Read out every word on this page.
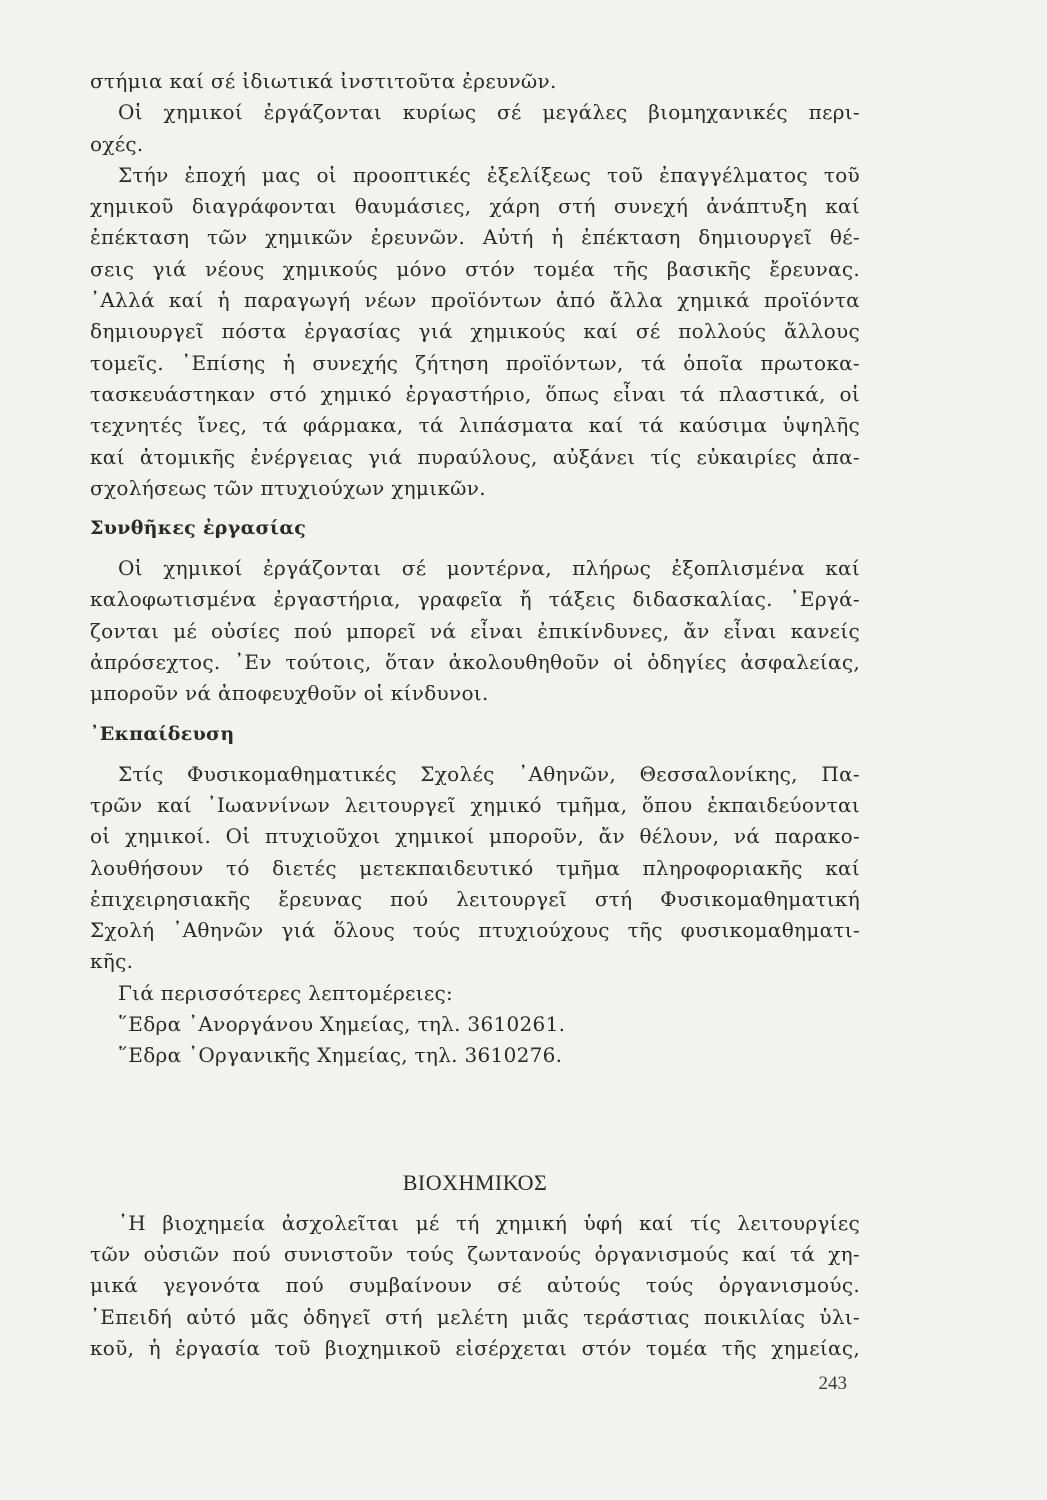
στήμια καί σέ ἰδιωτικά ἰνστιτοῦτα ἐρευνῶν.
Οἱ χημικοί ἐργάζονται κυρίως σέ μεγάλες βιομηχανικές περι-
οχές.
Στήν ἐποχή μας οἱ προοπτικές ἐξελίξεως τοῦ ἐπαγγέλματος τοῦ
χημικοῦ διαγράφονται θαυμάσιες, χάρη στή συνεχή ἀνάπτυξη καί
ἐπέκταση τῶν χημικῶν ἐρευνῶν. Αὐτή ἡ ἐπέκταση δημιουργεῖ θέ-
σεις γιά νέους χημικούς μόνο στόν τομέα τῆς βασικῆς ἔρευνας.
᾿Αλλά καί ἡ παραγωγή νέων προϊόντων ἀπό ἄλλα χημικά προϊόντα
δημιουργεῖ πόστα ἐργασίας γιά χημικούς καί σέ πολλούς ἄλλους
τομεῖς. ᾿Επίσης ἡ συνεχής ζήτηση προϊόντων, τά ὁποῖα πρωτοκα-
τασκευάστηκαν στό χημικό ἐργαστήριο, ὅπως εἶναι τά πλαστικά, οἱ
τεχνητές ἴνες, τά φάρμακα, τά λιπάσματα καί τά καύσιμα ὑψηλῆς
καί ἀτομικῆς ἐνέργειας γιά πυραύλους, αὐξάνει τίς εὐκαιρίες ἀπα-
σχολήσεως τῶν πτυχιούχων χημικῶν.
Συνθῆκες ἐργασίας
Οἱ χημικοί ἐργάζονται σέ μοντέρνα, πλήρως ἐξοπλισμένα καί
καλοφωτισμένα ἐργαστήρια, γραφεῖα ἤ τάξεις διδασκαλίας. ᾿Εργά-
ζονται μέ οὐσίες πού μπορεῖ νά εἶναι ἐπικίνδυνες, ἄν εἶναι κανείς
ἀπρόσεχτος. ᾿Εν τούτοις, ὅταν ἀκολουθηθοῦν οἱ ὁδηγίες ἀσφαλείας,
μποροῦν νά ἀποφευχθοῦν οἱ κίνδυνοι.
᾿Εκπαίδευση
Στίς Φυσικομαθηματικές Σχολές ᾿Αθηνῶν, Θεσσαλονίκης, Πα-
τρῶν καί ᾿Ιωαννίνων λειτουργεῖ χημικό τμῆμα, ὅπου ἐκπαιδεύονται
οἱ χημικοί. Οἱ πτυχιοῦχοι χημικοί μποροῦν, ἄν θέλουν, νά παρακο-
λουθήσουν τό διετές μετεκπαιδευτικό τμῆμα πληροφοριακῆς καί
ἐπιχειρησιακῆς ἔρευνας πού λειτουργεῖ στή Φυσικομαθηματική
Σχολή ᾿Αθηνῶν γιά ὅλους τούς πτυχιούχους τῆς φυσικομαθηματι-
κῆς.
Γιά περισσότερες λεπτομέρειες:
῞Εδρα ᾿Ανοργάνου Χημείας, τηλ. 3610261.
῞Εδρα ᾿Οργανικῆς Χημείας, τηλ. 3610276.
ΒΙΟΧΗΜΙΚΟΣ
῾Η βιοχημεία ἀσχολεῖται μέ τή χημική ὑφή καί τίς λειτουργίες
τῶν οὐσιῶν πού συνιστοῦν τούς ζωντανούς ὀργανισμούς καί τά χη-
μικά γεγονότα πού συμβαίνουν σέ αὐτούς τούς ὀργανισμούς.
᾿Επειδή αὐτό μᾶς ὁδηγεῖ στή μελέτη μιᾶς τεράστιας ποικιλίας ὑλι-
κοῦ, ἡ ἐργασία τοῦ βιοχημικοῦ εἰσέρχεται στόν τομέα τῆς χημείας,
243
